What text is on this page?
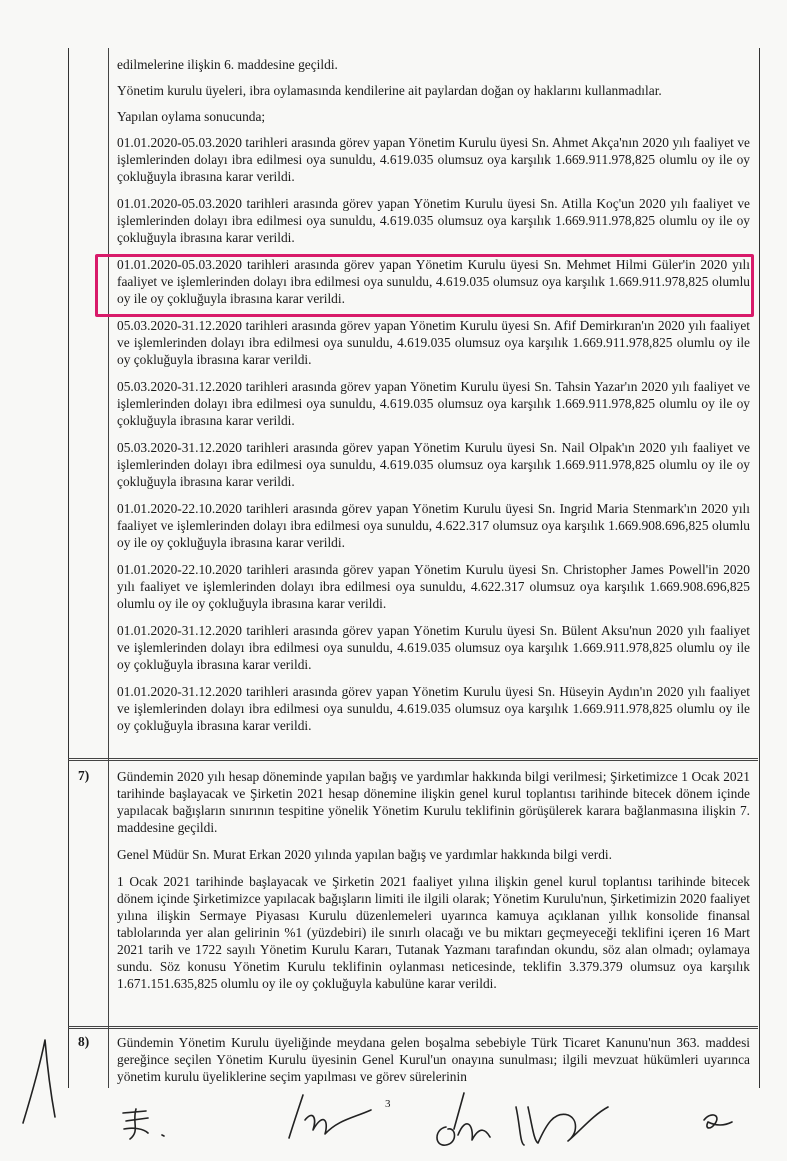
edilmelerine ilişkin 6. maddesine geçildi.

Yönetim kurulu üyeleri, ibra oylamasında kendilerine ait paylardan doğan oy haklarını kullanmadılar.

Yapılan oylama sonucunda;

01.01.2020-05.03.2020 tarihleri arasında görev yapan Yönetim Kurulu üyesi Sn. Ahmet Akça'nın 2020 yılı faaliyet ve işlemlerinden dolayı ibra edilmesi oya sunuldu, 4.619.035 olumsuz oya karşılık 1.669.911.978,825 olumlu oy ile oy çokluğuyla ibrasına karar verildi.

01.01.2020-05.03.2020 tarihleri arasında görev yapan Yönetim Kurulu üyesi Sn. Atilla Koç'un 2020 yılı faaliyet ve işlemlerinden dolayı ibra edilmesi oya sunuldu, 4.619.035 olumsuz oya karşılık 1.669.911.978,825 olumlu oy ile oy çokluğuyla ibrasına karar verildi.

01.01.2020-05.03.2020 tarihleri arasında görev yapan Yönetim Kurulu üyesi Sn. Mehmet Hilmi Güler'in 2020 yılı faaliyet ve işlemlerinden dolayı ibra edilmesi oya sunuldu, 4.619.035 olumsuz oya karşılık 1.669.911.978,825 olumlu oy ile oy çokluğuyla ibrasına karar verildi.

05.03.2020-31.12.2020 tarihleri arasında görev yapan Yönetim Kurulu üyesi Sn. Afif Demirkıran'ın 2020 yılı faaliyet ve işlemlerinden dolayı ibra edilmesi oya sunuldu, 4.619.035 olumsuz oya karşılık 1.669.911.978,825 olumlu oy ile oy çokluğuyla ibrasına karar verildi.

05.03.2020-31.12.2020 tarihleri arasında görev yapan Yönetim Kurulu üyesi Sn. Tahsin Yazar'ın 2020 yılı faaliyet ve işlemlerinden dolayı ibra edilmesi oya sunuldu, 4.619.035 olumsuz oya karşılık 1.669.911.978,825 olumlu oy ile oy çokluğuyla ibrasına karar verildi.

05.03.2020-31.12.2020 tarihleri arasında görev yapan Yönetim Kurulu üyesi Sn. Nail Olpak'ın 2020 yılı faaliyet ve işlemlerinden dolayı ibra edilmesi oya sunuldu, 4.619.035 olumsuz oya karşılık 1.669.911.978,825 olumlu oy ile oy çokluğuyla ibrasına karar verildi.

01.01.2020-22.10.2020 tarihleri arasında görev yapan Yönetim Kurulu üyesi Sn. Ingrid Maria Stenmark'ın 2020 yılı faaliyet ve işlemlerinden dolayı ibra edilmesi oya sunuldu, 4.622.317 olumsuz oya karşılık 1.669.908.696,825 olumlu oy ile oy çokluğuyla ibrasına karar verildi.

01.01.2020-22.10.2020 tarihleri arasında görev yapan Yönetim Kurulu üyesi Sn. Christopher James Powell'in 2020 yılı faaliyet ve işlemlerinden dolayı ibra edilmesi oya sunuldu, 4.622.317 olumsuz oya karşılık 1.669.908.696,825 olumlu oy ile oy çokluğuyla ibrasına karar verildi.

01.01.2020-31.12.2020 tarihleri arasında görev yapan Yönetim Kurulu üyesi Sn. Bülent Aksu'nun 2020 yılı faaliyet ve işlemlerinden dolayı ibra edilmesi oya sunuldu, 4.619.035 olumsuz oya karşılık 1.669.911.978,825 olumlu oy ile oy çokluğuyla ibrasına karar verildi.

01.01.2020-31.12.2020 tarihleri arasında görev yapan Yönetim Kurulu üyesi Sn. Hüseyin Aydın'ın 2020 yılı faaliyet ve işlemlerinden dolayı ibra edilmesi oya sunuldu, 4.619.035 olumsuz oya karşılık 1.669.911.978,825 olumlu oy ile oy çokluğuyla ibrasına karar verildi.

7) Gündemin 2020 yılı hesap döneminde yapılan bağış ve yardımlar hakkında bilgi verilmesi; Şirketimizce 1 Ocak 2021 tarihinde başlayacak ve Şirketin 2021 hesap dönemine ilişkin genel kurul toplantısı tarihinde bitecek dönem içinde yapılacak bağışların sınırının tespitine yönelik Yönetim Kurulu teklifinin görüşülerek karara bağlanmasına ilişkin 7. maddesine geçildi.

Genel Müdür Sn. Murat Erkan 2020 yılında yapılan bağış ve yardımlar hakkında bilgi verdi.

1 Ocak 2021 tarihinde başlayacak ve Şirketin 2021 faaliyet yılına ilişkin genel kurul toplantısı tarihinde bitecek dönem içinde Şirketimizce yapılacak bağışların limiti ile ilgili olarak; Yönetim Kurulu'nun, Şirketimizin 2020 faaliyet yılına ilişkin Sermaye Piyasası Kurulu düzenlemeleri uyarınca kamuya açıklanan yıllık konsolide finansal tablolarında yer alan gelirinin %1 (yüzdebiri) ile sınırlı olacağı ve bu miktarı geçmeyeceği teklifini içeren 16 Mart 2021 tarih ve 1722 sayılı Yönetim Kurulu Kararı, Tutanak Yazmanı tarafından okundu, söz alan olmadı; oylamaya sundu. Söz konusu Yönetim Kurulu teklifinin oylanması neticesinde, teklifin 3.379.379 olumsuz oya karşılık 1.671.151.635,825 olumlu oy ile oy çokluğuyla kabulüne karar verildi.

8) Gündemin Yönetim Kurulu üyeliğinde meydana gelen boşalma sebebiyle Türk Ticaret Kanunu'nun 363. maddesi gereğince seçilen Yönetim Kurulu üyesinin Genel Kurul'un onayına sunulması; ilgili mevzuat hükümleri uyarınca yönetim kurulu üyeliklerine seçim yapılması ve görev sürelerinin

3
